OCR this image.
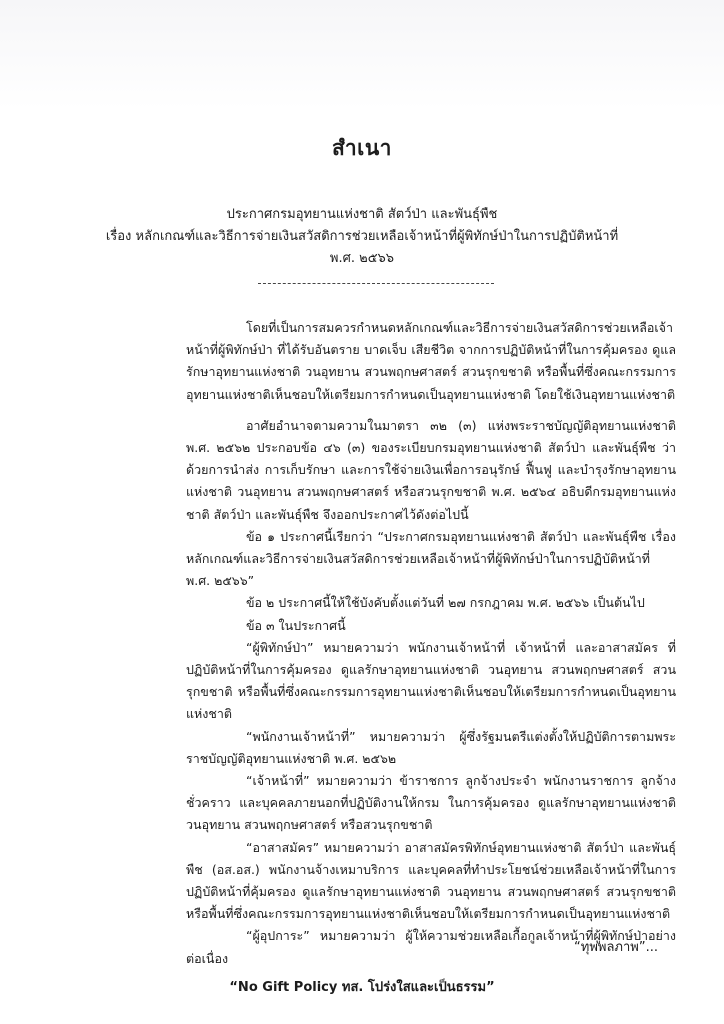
สำเนา
ประกาศกรมอุทยานแห่งชาติ สัตว์ป่า และพันธุ์พืช
เรื่อง หลักเกณฑ์และวิธีการจ่ายเงินสวัสดิการช่วยเหลือเจ้าหน้าที่ผู้พิทักษ์ป่าในการปฏิบัติหน้าที่
พ.ศ. ๒๕๖๖

โดยที่เป็นการสมควรกำหนดหลักเกณฑ์และวิธีการจ่ายเงินสวัสดิการช่วยเหลือเจ้าหน้าที่ผู้พิทักษ์ป่า ที่ได้รับอันตราย บาดเจ็บ เสียชีวิต จากการปฏิบัติหน้าที่ในการคุ้มครอง ดูแลรักษาอุทยานแห่งชาติ วนอุทยาน สวนพฤกษศาสตร์ สวนรุกขชาติ หรือพื้นที่ซึ่งคณะกรรมการอุทยานแห่งชาติเห็นชอบให้เตรียมการกำหนดเป็นอุทยานแห่งชาติ โดยใช้เงินอุทยานแห่งชาติ

อาศัยอำนาจตามความในมาตรา ๓๒ (๓) แห่งพระราชบัญญัติอุทยานแห่งชาติ พ.ศ. ๒๕๖๒ ประกอบข้อ ๔๖ (๓) ของระเบียบกรมอุทยานแห่งชาติ สัตว์ป่า และพันธุ์พืช ว่าด้วยการนำส่ง การเก็บรักษา และการใช้จ่ายเงินเพื่อการอนุรักษ์ ฟื้นฟู และบำรุงรักษาอุทยานแห่งชาติ วนอุทยาน สวนพฤกษศาสตร์ หรือสวนรุกขชาติ พ.ศ. ๒๕๖๔ อธิบดีกรมอุทยานแห่งชาติ สัตว์ป่า และพันธุ์พืช จึงออกประกาศไว้ดังต่อไปนี้

ข้อ ๑ ประกาศนี้เรียกว่า “ประกาศกรมอุทยานแห่งชาติ สัตว์ป่า และพันธุ์พืช เรื่อง หลักเกณฑ์และวิธีการจ่ายเงินสวัสดิการช่วยเหลือเจ้าหน้าที่ผู้พิทักษ์ป่าในการปฏิบัติหน้าที่ พ.ศ. ๒๕๖๖”

ข้อ ๒ ประกาศนี้ให้ใช้บังคับตั้งแต่วันที่ ๒๗ กรกฎาคม พ.ศ. ๒๕๖๖ เป็นต้นไป

ข้อ ๓ ในประกาศนี้

“ผู้พิทักษ์ป่า” หมายความว่า พนักงานเจ้าหน้าที่ เจ้าหน้าที่ และอาสาสมัคร ที่ปฏิบัติหน้าที่ในการคุ้มครอง ดูแลรักษาอุทยานแห่งชาติ วนอุทยาน สวนพฤกษศาสตร์ สวนรุกขชาติ หรือพื้นที่ซึ่งคณะกรรมการอุทยานแห่งชาติเห็นชอบให้เตรียมการกำหนดเป็นอุทยานแห่งชาติ

“พนักงานเจ้าหน้าที่” หมายความว่า ผู้ซึ่งรัฐมนตรีแต่งตั้งให้ปฏิบัติการตามพระราชบัญญัติอุทยานแห่งชาติ พ.ศ. ๒๕๖๒

“เจ้าหน้าที่” หมายความว่า ข้าราชการ ลูกจ้างประจำ พนักงานราชการ ลูกจ้างชั่วคราว และบุคคลภายนอกที่ปฏิบัติงานให้กรม ในการคุ้มครอง ดูแลรักษาอุทยานแห่งชาติ วนอุทยาน สวนพฤกษศาสตร์ หรือสวนรุกขชาติ

“อาสาสมัคร” หมายความว่า อาสาสมัครพิทักษ์อุทยานแห่งชาติ สัตว์ป่า และพันธุ์พืช (อส.อส.) พนักงานจ้างเหมาบริการ และบุคคลที่ทำประโยชน์ช่วยเหลือเจ้าหน้าที่ในการปฏิบัติหน้าที่คุ้มครอง ดูแลรักษาอุทยานแห่งชาติ วนอุทยาน สวนพฤกษศาสตร์ สวนรุกขชาติ หรือพื้นที่ซึ่งคณะกรรมการอุทยานแห่งชาติเห็นชอบให้เตรียมการกำหนดเป็นอุทยานแห่งชาติ

“ผู้อุปการะ” หมายความว่า ผู้ให้ความช่วยเหลือเกื้อกูลเจ้าหน้าที่ผู้พิทักษ์ป่าอย่างต่อเนื่อง

“ทุพพลภาพ”...
“No Gift Policy ทส. โปร่งใสและเป็นธรรม”
